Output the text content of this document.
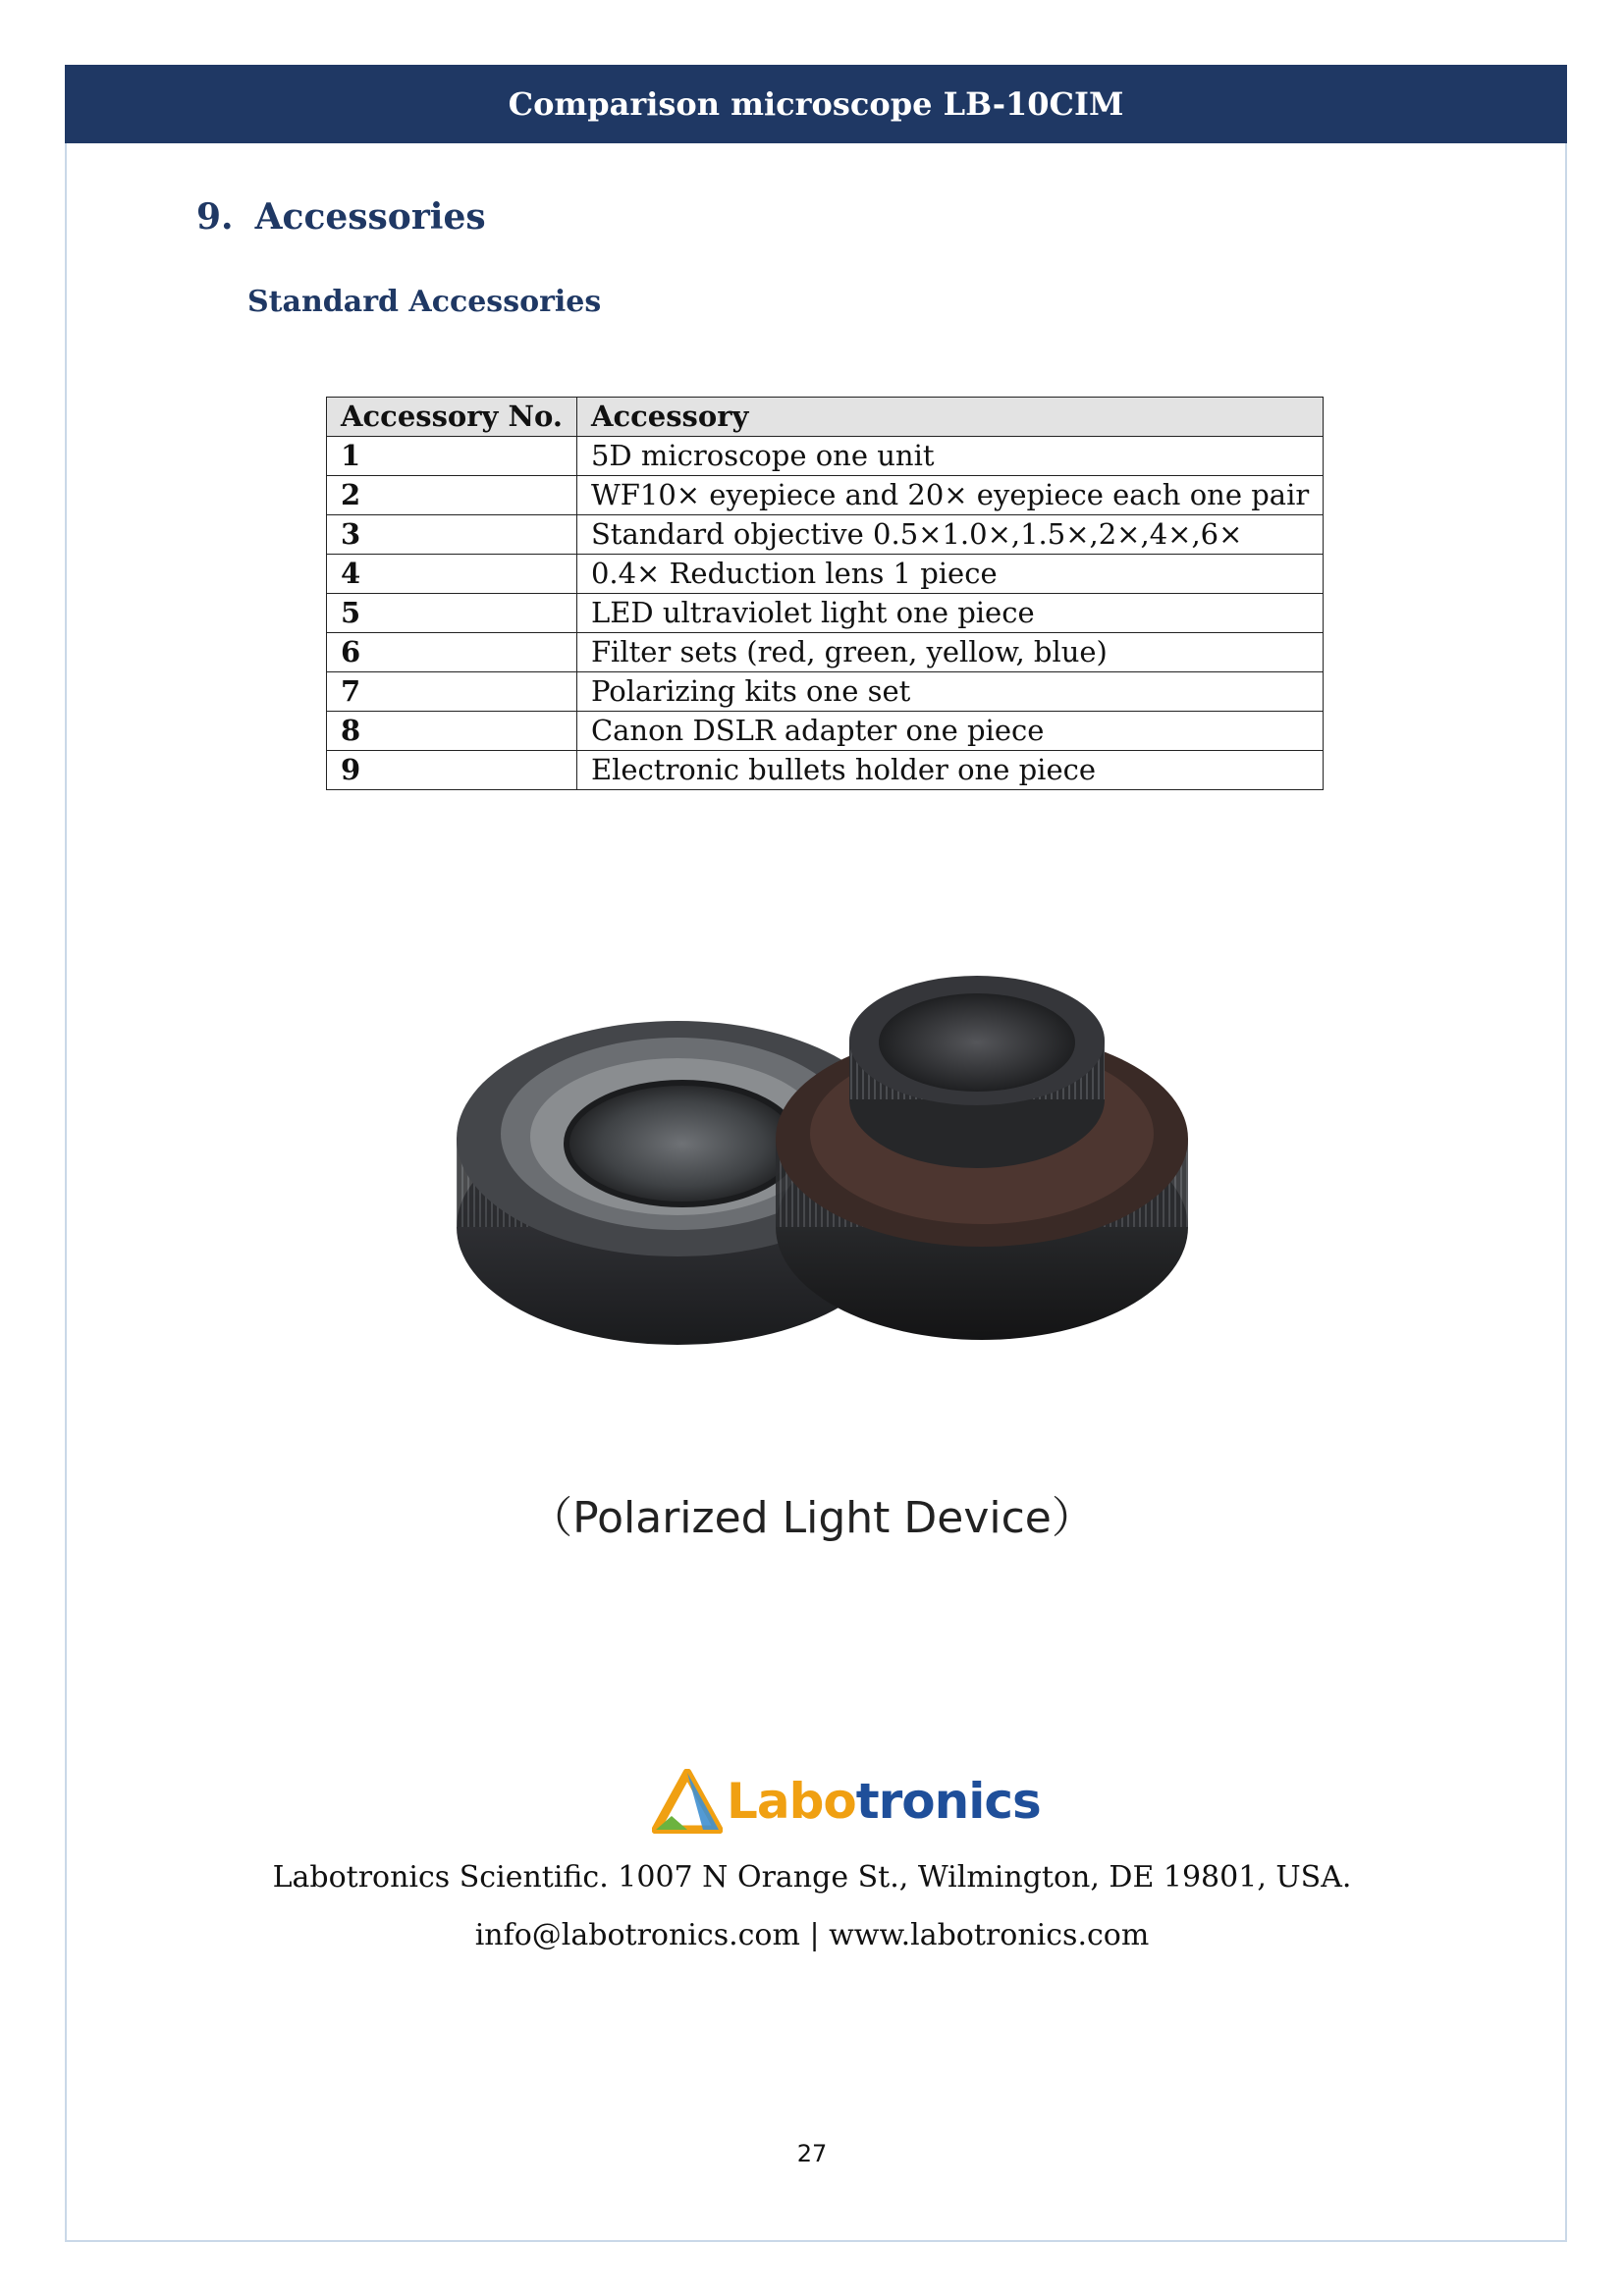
Comparison microscope LB-10CIM
9. Accessories
Standard Accessories
Accessory No.	Accessory
1	5D microscope one unit
2	WF10× eyepiece and 20× eyepiece each one pair
3	Standard objective 0.5×1.0×,1.5×,2×,4×,6×
4	0.4× Reduction lens 1 piece
5	LED ultraviolet light one piece
6	Filter sets (red, green, yellow, blue)
7	Polarizing kits one set
8	Canon DSLR adapter one piece
9	Electronic bullets holder one piece
（Polarized Light Device）
Labotronics
Labotronics Scientific. 1007 N Orange St., Wilmington, DE 19801, USA.
info@labotronics.com | www.labotronics.com
27
